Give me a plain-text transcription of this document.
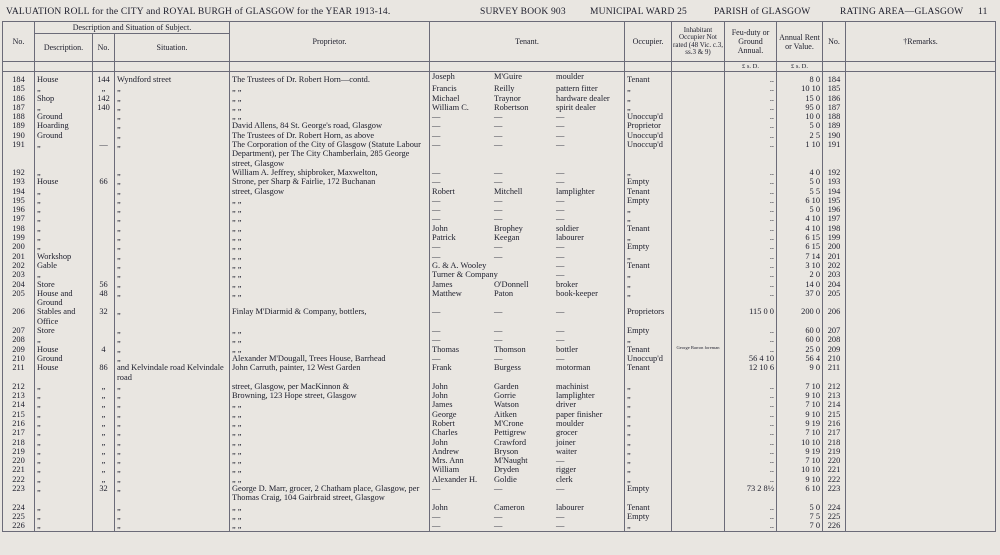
VALUATION ROLL for the CITY and ROYAL BURGH of GLASGOW for the YEAR 1913-14.	SURVEY BOOK 903	MUNICIPAL WARD 25	PARISH of GLASGOW	RATING AREA—GLASGOW 11
No.	Description and Situation of Subject.			Proprietor.	Tenant.	Occupier.	Inhabitant Occupier Not rated (48 Vic. c.3, ss.3 & 9)	Feu-duty or Ground Annual.	Annual Rent or Value.	No.	†Remarks.
	Description.	No.	Situation.								
								£ s. D.	£ s. D.		
184	House	144	Wyndford street	The Trustees of Dr. Robert Horn—contd.	Joseph M'Guire moulder	Tenant		..	8 0	184	
185	„	„	„	„ „	Francis Reilly pattern fitter	„		..	10 10	185	
186	Shop	142	„	„ „	Michael Traynor hardware dealer	„		..	15 0	186	
187	„	140	„	„ „	William C. Robertson spirit dealer	„		..	95 0	187	
188	Ground		„	„ „	— — —	Unoccup'd		..	10 0	188	
189	Hoarding		„	David Allens, 84 St. George's road, Glasgow	— — —	Proprietor		..	5 0	189	
190	Ground		„	The Trustees of Dr. Robert Horn, as above	— — —	Unoccup'd		..	2 5	190	
191	„	—	„	The Corporation of the City of Glasgow (Statute Labour Department), per The City Chamberlain, 285 George street, Glasgow	— — —	Unoccup'd		..	1 10	191	
192	„		„	William A. Jeffrey, shipbroker, Maxwelton,	— — —	„		..	4 0	192	
193	House	66	„	Strone, per Sharp & Fairlie, 172 Buchanan	— — —	Empty		..	5 0	193	
194	„		„	street, Glasgow	Robert Mitchell lamplighter	Tenant		..	5 5	194	
195	„		„	„ „	— — —	Empty		..	6 10	195	
196	„		„	„ „	— — —	„		..	5 0	196	
197	„		„	„ „	— — —	„		..	4 10	197	
198	„		„	„ „	John Brophey soldier	Tenant		..	4 10	198	
199	„		„	„ „	Patrick Keegan labourer	„		..	6 15	199	
200	„		„	„ „	— — —	Empty		..	6 15	200	
201	Workshop		„	„ „	— — —	„		..	7 14	201	
202	Gable		„	„ „	G. & A. Wooley —	Tenant		..	3 10	202	
203	„		„	„ „	Turner & Company —	„		..	2 0	203	
204	Store	56	„	„ „	James O'Donnell broker	„		..	14 0	204	
205	House and Ground	48	„	„ „	Matthew Paton book-keeper	„		..	37 0	205	
206	Stables and Office	32	„	Finlay M'Diarmid & Company, bottlers,	— — —	Proprietors		115 0 0	200 0	206	
207	Store		„	„ „	— — —	Empty		..	60 0	207	
208	„		„	„ „	— — —	„		..	60 0	208	
209	House	4	„	„ „	Thomas Thomson bottler	Tenant	George Barron foreman	..	25 0	209	
210	Ground		„	Alexander M'Dougall, Trees House, Barrhead	— — —	Unoccup'd		56 4 10	56 4	210	
211	House	86	and Kelvindale road Kelvindale road	John Carruth, painter, 12 West Garden	Frank Burgess motorman	Tenant		12 10 6	9 0	211	
212	„	„	„	street, Glasgow, per MacKinnon &	John Garden machinist	„		..	7 10	212	
213	„	„	„	Browning, 123 Hope street, Glasgow	John Gorrie lamplighter	„		..	9 10	213	
214	„	„	„	„ „	James Watson driver	„		..	7 10	214	
215	„	„	„	„ „	George Aitken paper finisher	„		..	9 10	215	
216	„	„	„	„ „	Robert M'Crone moulder	„		..	9 19	216	
217	„	„	„	„ „	Charles Pettigrew grocer	„		..	7 10	217	
218	„	„	„	„ „	John Crawford joiner	„		..	10 10	218	
219	„	„	„	„ „	Andrew Bryson waiter	„		..	9 19	219	
220	„	„	„	„ „	Mrs. Ann M'Naught —	„		..	7 10	220	
221	„	„	„	„ „	William Dryden rigger	„		..	10 10	221	
222	„	„	„	„ „	Alexander H. Goldie clerk	„		..	9 10	222	
223	„	32	„	George D. Marr, grocer, 2 Chatham place, Glasgow, per Thomas Craig, 104 Gairbraid street, Glasgow	— — —	Empty		73 2 8½	6 10	223	
224	„		„	„ „	John Cameron labourer	Tenant		..	5 0	224	
225	„		„	„ „	— — —	Empty		..	7 5	225	
226	„		„	„ „	— — —	„		..	7 0	226	
